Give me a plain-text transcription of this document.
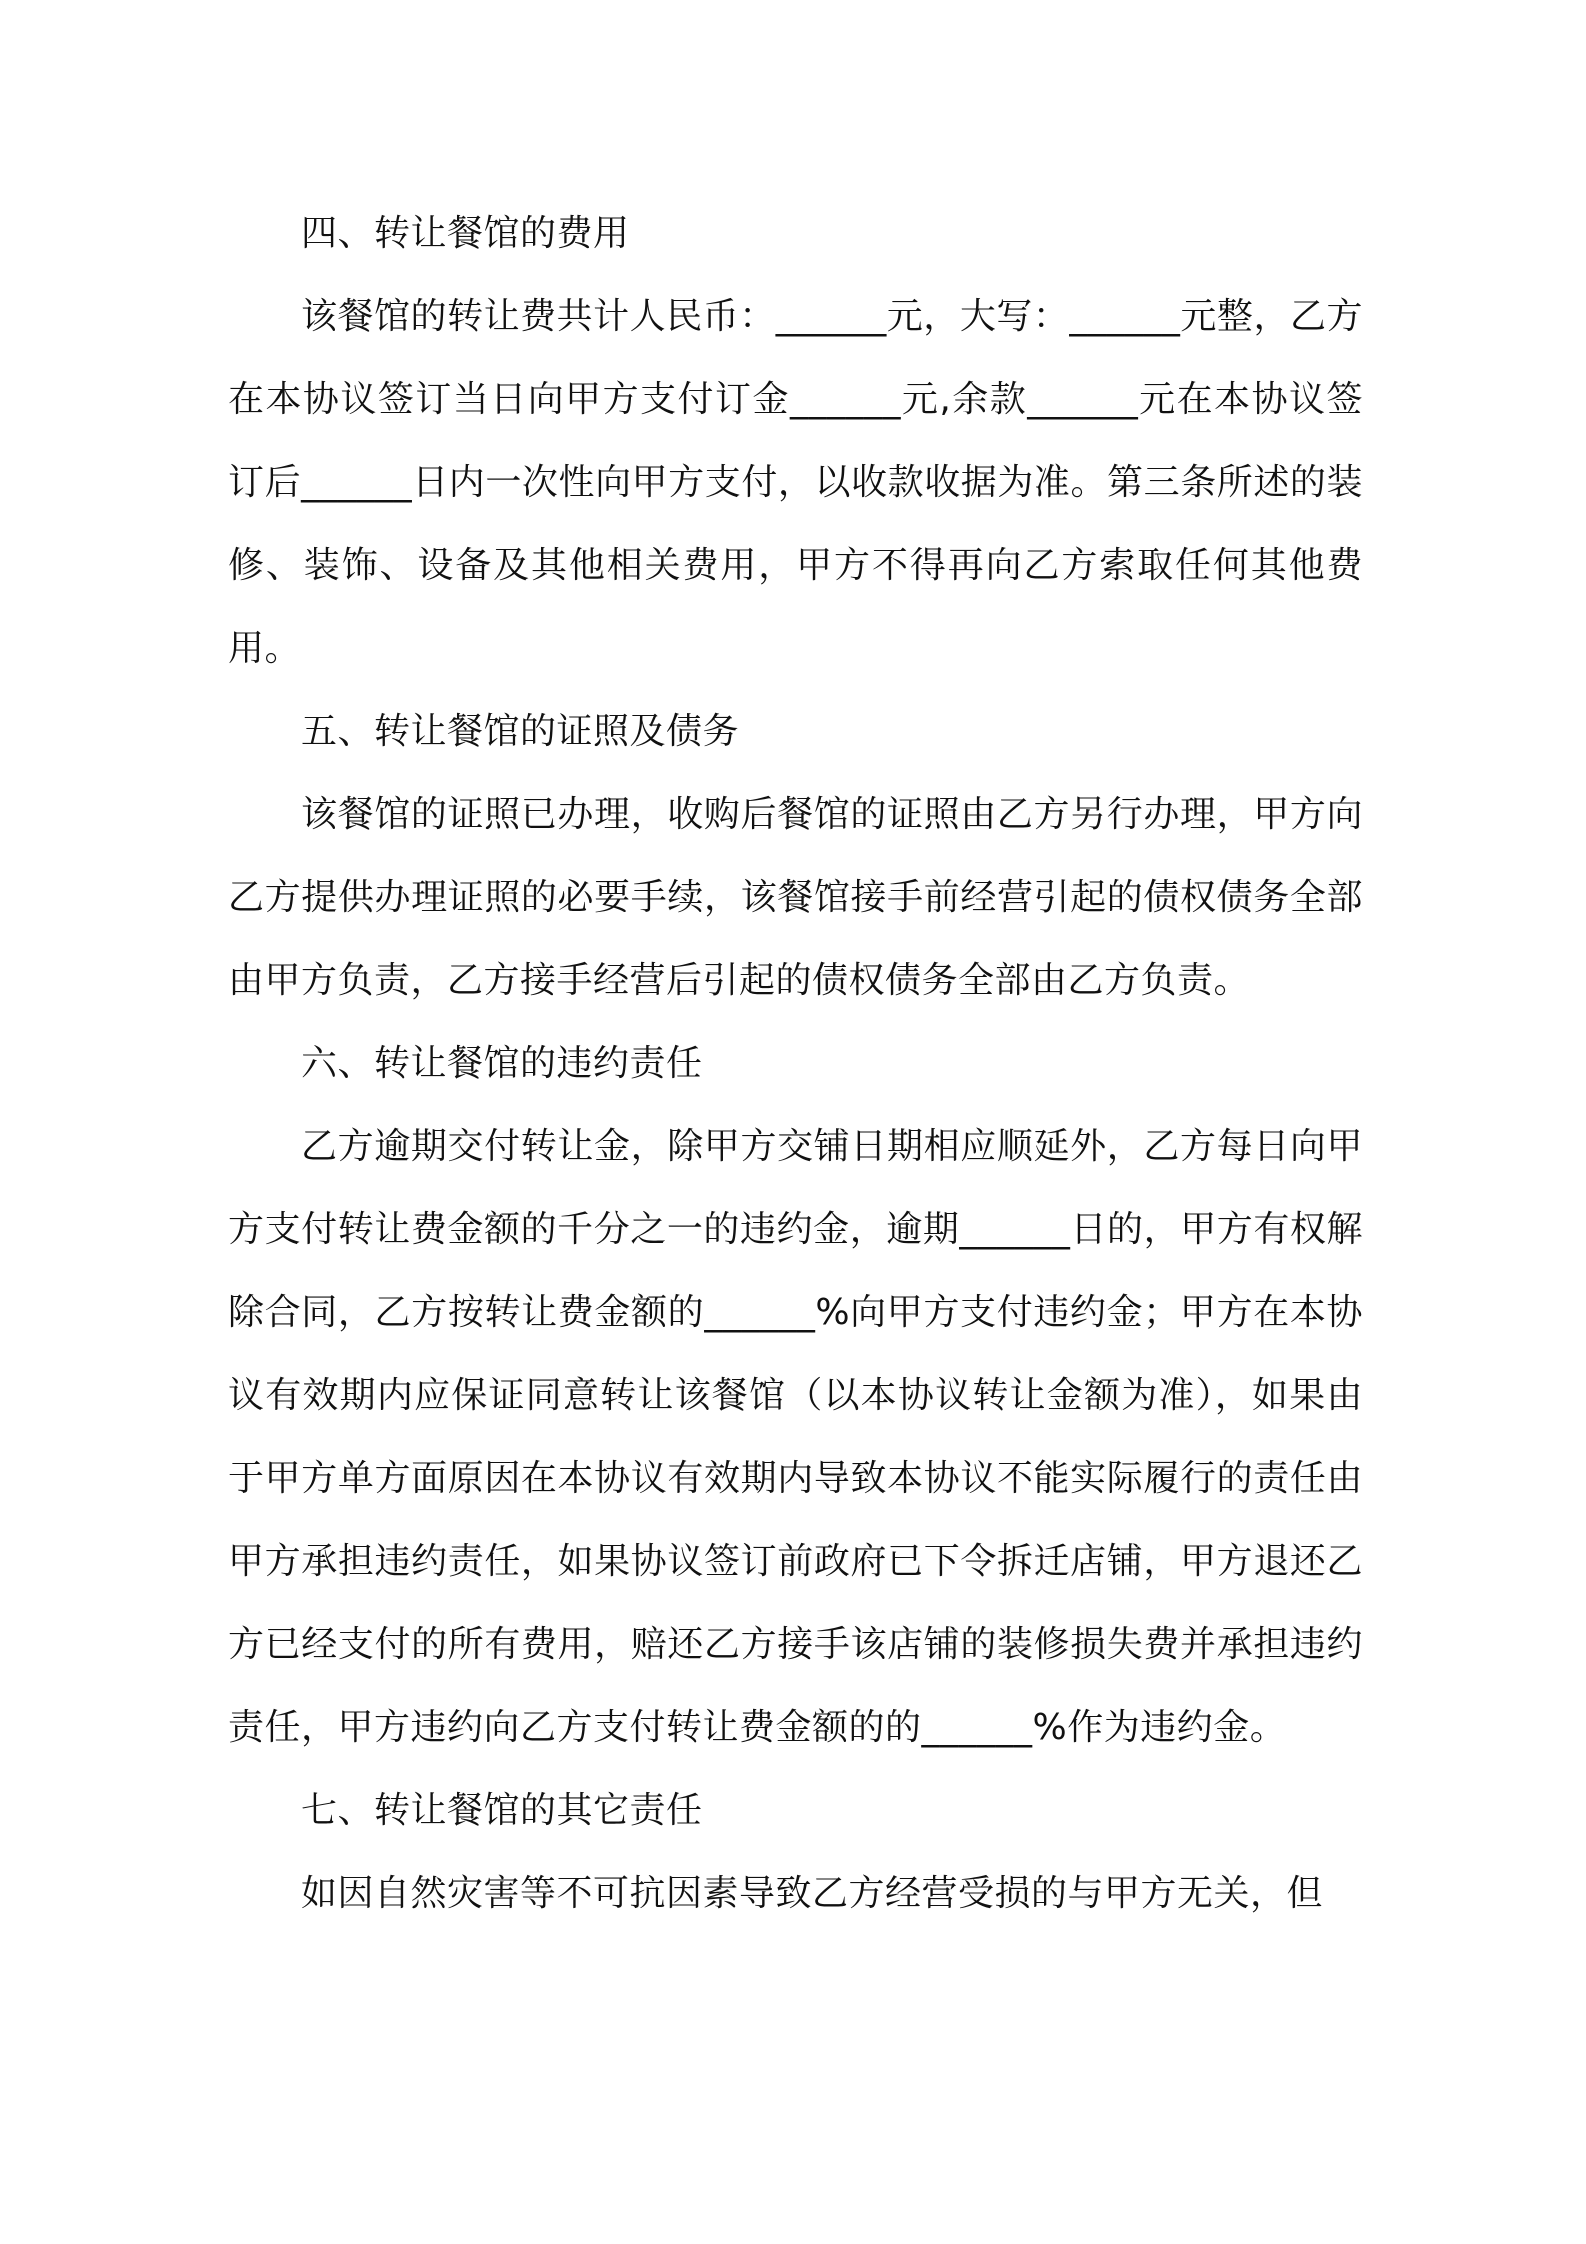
四、转让餐馆的费用

该餐馆的转让费共计人民币：______元，大写：______元整，乙方在本协议签订当日向甲方支付订金______元,余款______元在本协议签订后______日内一次性向甲方支付，以收款收据为准。第三条所述的装修、装饰、设备及其他相关费用，甲方不得再向乙方索取任何其他费用。

五、转让餐馆的证照及债务

该餐馆的证照已办理，收购后餐馆的证照由乙方另行办理，甲方向乙方提供办理证照的必要手续，该餐馆接手前经营引起的债权债务全部由甲方负责，乙方接手经营后引起的债权债务全部由乙方负责。

六、转让餐馆的违约责任

乙方逾期交付转让金，除甲方交铺日期相应顺延外，乙方每日向甲方支付转让费金额的千分之一的违约金，逾期______日的，甲方有权解除合同，乙方按转让费金额的______%向甲方支付违约金；甲方在本协议有效期内应保证同意转让该餐馆（以本协议转让金额为准），如果由于甲方单方面原因在本协议有效期内导致本协议不能实际履行的责任由甲方承担违约责任，如果协议签订前政府已下令拆迁店铺，甲方退还乙方已经支付的所有费用，赔还乙方接手该店铺的装修损失费并承担违约责任，甲方违约向乙方支付转让费金额的的______%作为违约金。

七、转让餐馆的其它责任

如因自然灾害等不可抗因素导致乙方经营受损的与甲方无关，但
